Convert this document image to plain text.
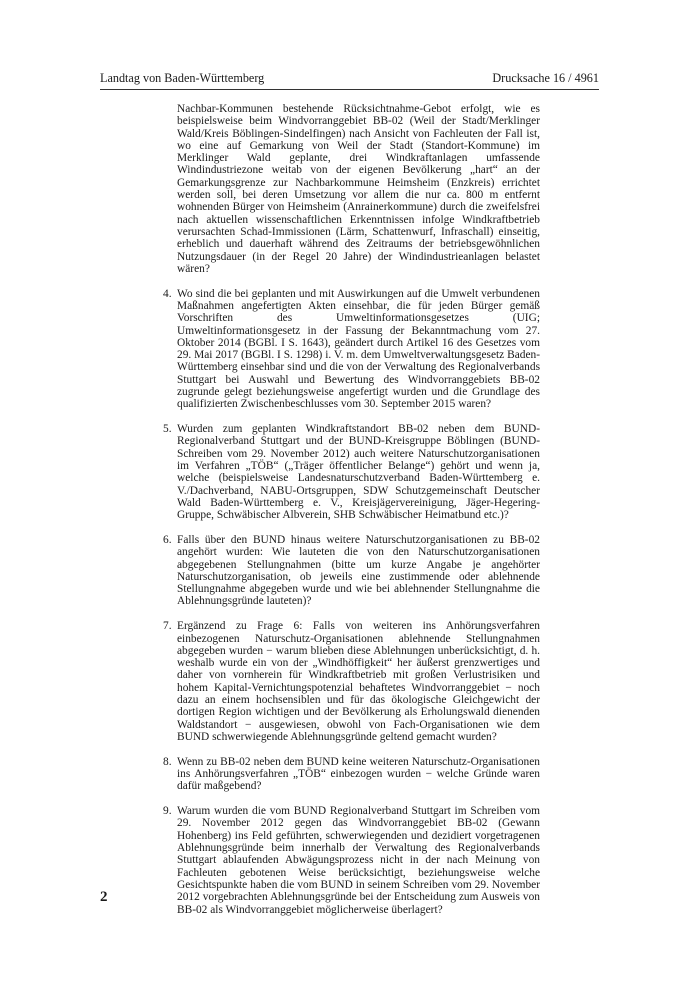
Landtag von Baden-Württemberg	Drucksache 16 / 4961

Nachbar-Kommunen bestehende Rücksichtnahme-Gebot erfolgt, wie es beispielsweise beim Windvorranggebiet BB-02 (Weil der Stadt/Merklinger Wald/Kreis Böblingen-Sindelfingen) nach Ansicht von Fachleuten der Fall ist, wo eine auf Gemarkung von Weil der Stadt (Standort-Kommune) im Merklinger Wald geplante, drei Windkraftanlagen umfassende Windindustriezone weitab von der eigenen Bevölkerung „hart“ an der Gemarkungsgrenze zur Nachbarkommune Heimsheim (Enzkreis) errichtet werden soll, bei deren Umsetzung vor allem die nur ca. 800 m entfernt wohnenden Bürger von Heimsheim (Anrainerkommune) durch die zweifelsfrei nach aktuellen wissenschaftlichen Erkenntnissen infolge Windkraftbetrieb verursachten Schad-Immissionen (Lärm, Schattenwurf, Infraschall) einseitig, erheblich und dauerhaft während des Zeitraums der betriebsgewöhnlichen Nutzungsdauer (in der Regel 20 Jahre) der Windindustrieanlagen belastet wären?

4. Wo sind die bei geplanten und mit Auswirkungen auf die Umwelt verbundenen Maßnahmen angefertigten Akten einsehbar, die für jeden Bürger gemäß Vorschriften des Umweltinformationsgesetzes (UIG; Umweltinformationsgesetz in der Fassung der Bekanntmachung vom 27. Oktober 2014 (BGBl. I S. 1643), geändert durch Artikel 16 des Gesetzes vom 29. Mai 2017 (BGBl. I S. 1298) i. V. m. dem Umweltverwaltungsgesetz Baden-Württemberg einsehbar sind und die von der Verwaltung des Regionalverbands Stuttgart bei Auswahl und Bewertung des Windvorranggebiets BB-02 zugrunde gelegt beziehungsweise angefertigt wurden und die Grundlage des qualifizierten Zwischenbeschlusses vom 30. September 2015 waren?
5. Wurden zum geplanten Windkraftstandort BB-02 neben dem BUND-Regionalverband Stuttgart und der BUND-Kreisgruppe Böblingen (BUND-Schreiben vom 29. November 2012) auch weitere Naturschutzorganisationen im Verfahren „TÖB“ („Träger öffentlicher Belange“) gehört und wenn ja, welche (beispielsweise Landesnaturschutzverband Baden-Württemberg e. V./Dachverband, NABU-Ortsgruppen, SDW Schutzgemeinschaft Deutscher Wald Baden-Württemberg e. V., Kreisjägervereinigung, Jäger-Hegering-Gruppe, Schwäbischer Albverein, SHB Schwäbischer Heimatbund etc.)?
6. Falls über den BUND hinaus weitere Naturschutzorganisationen zu BB-02 angehört wurden: Wie lauteten die von den Naturschutzorganisationen abgegebenen Stellungnahmen (bitte um kurze Angabe je angehörter Naturschutzorganisation, ob jeweils eine zustimmende oder ablehnende Stellungnahme abgegeben wurde und wie bei ablehnender Stellungnahme die Ablehnungsgründe lauteten)?
7. Ergänzend zu Frage 6: Falls von weiteren ins Anhörungsverfahren einbezogenen Naturschutz-Organisationen ablehnende Stellungnahmen abgegeben wurden − warum blieben diese Ablehnungen unberücksichtigt, d. h. weshalb wurde ein von der „Windhöffigkeit“ her äußerst grenzwertiges und daher von vornherein für Windkraftbetrieb mit großen Verlustrisiken und hohem Kapital-Vernichtungspotenzial behaftetes Windvorranggebiet − noch dazu an einem hochsensiblen und für das ökologische Gleichgewicht der dortigen Region wichtigen und der Bevölkerung als Erholungswald dienenden Waldstandort − ausgewiesen, obwohl von Fach-Organisationen wie dem BUND schwerwiegende Ablehnungsgründe geltend gemacht wurden?
8. Wenn zu BB-02 neben dem BUND keine weiteren Naturschutz-Organisationen ins Anhörungsverfahren „TÖB“ einbezogen wurden − welche Gründe waren dafür maßgebend?
9. Warum wurden die vom BUND Regionalverband Stuttgart im Schreiben vom 29. November 2012 gegen das Windvorranggebiet BB-02 (Gewann Hohenberg) ins Feld geführten, schwerwiegenden und dezidiert vorgetragenen Ablehnungsgründe beim innerhalb der Verwaltung des Regionalverbands Stuttgart ablaufenden Abwägungsprozess nicht in der nach Meinung von Fachleuten gebotenen Weise berücksichtigt, beziehungsweise welche Gesichtspunkte haben die vom BUND in seinem Schreiben vom 29. November 2012 vorgebrachten Ablehnungsgründe bei der Entscheidung zum Ausweis von BB-02 als Windvorranggebiet möglicherweise überlagert?
2
